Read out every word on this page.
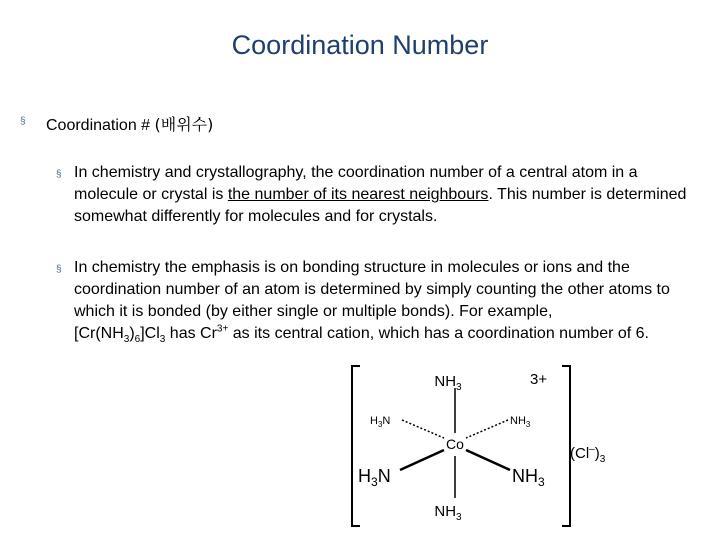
Coordination Number
§ Coordination # (배위수)
§ In chemistry and crystallography, the coordination number of a central atom in a molecule or crystal is the number of its nearest neighbours. This number is determined somewhat differently for molecules and for crystals.
§ In chemistry the emphasis is on bonding structure in molecules or ions and the coordination number of an atom is determined by simply counting the other atoms to which it is bonded (by either single or multiple bonds). For example, $[Cr(NH_3)_6]Cl_3$ has $Cr^{3+}$ as its central cation, which has a coordination number of 6.
Co
$NH_3$	3+
$H_3N$	$NH_3$
$H_3N$	$NH_3$
$NH_3$
$(Cl^-)_3$
